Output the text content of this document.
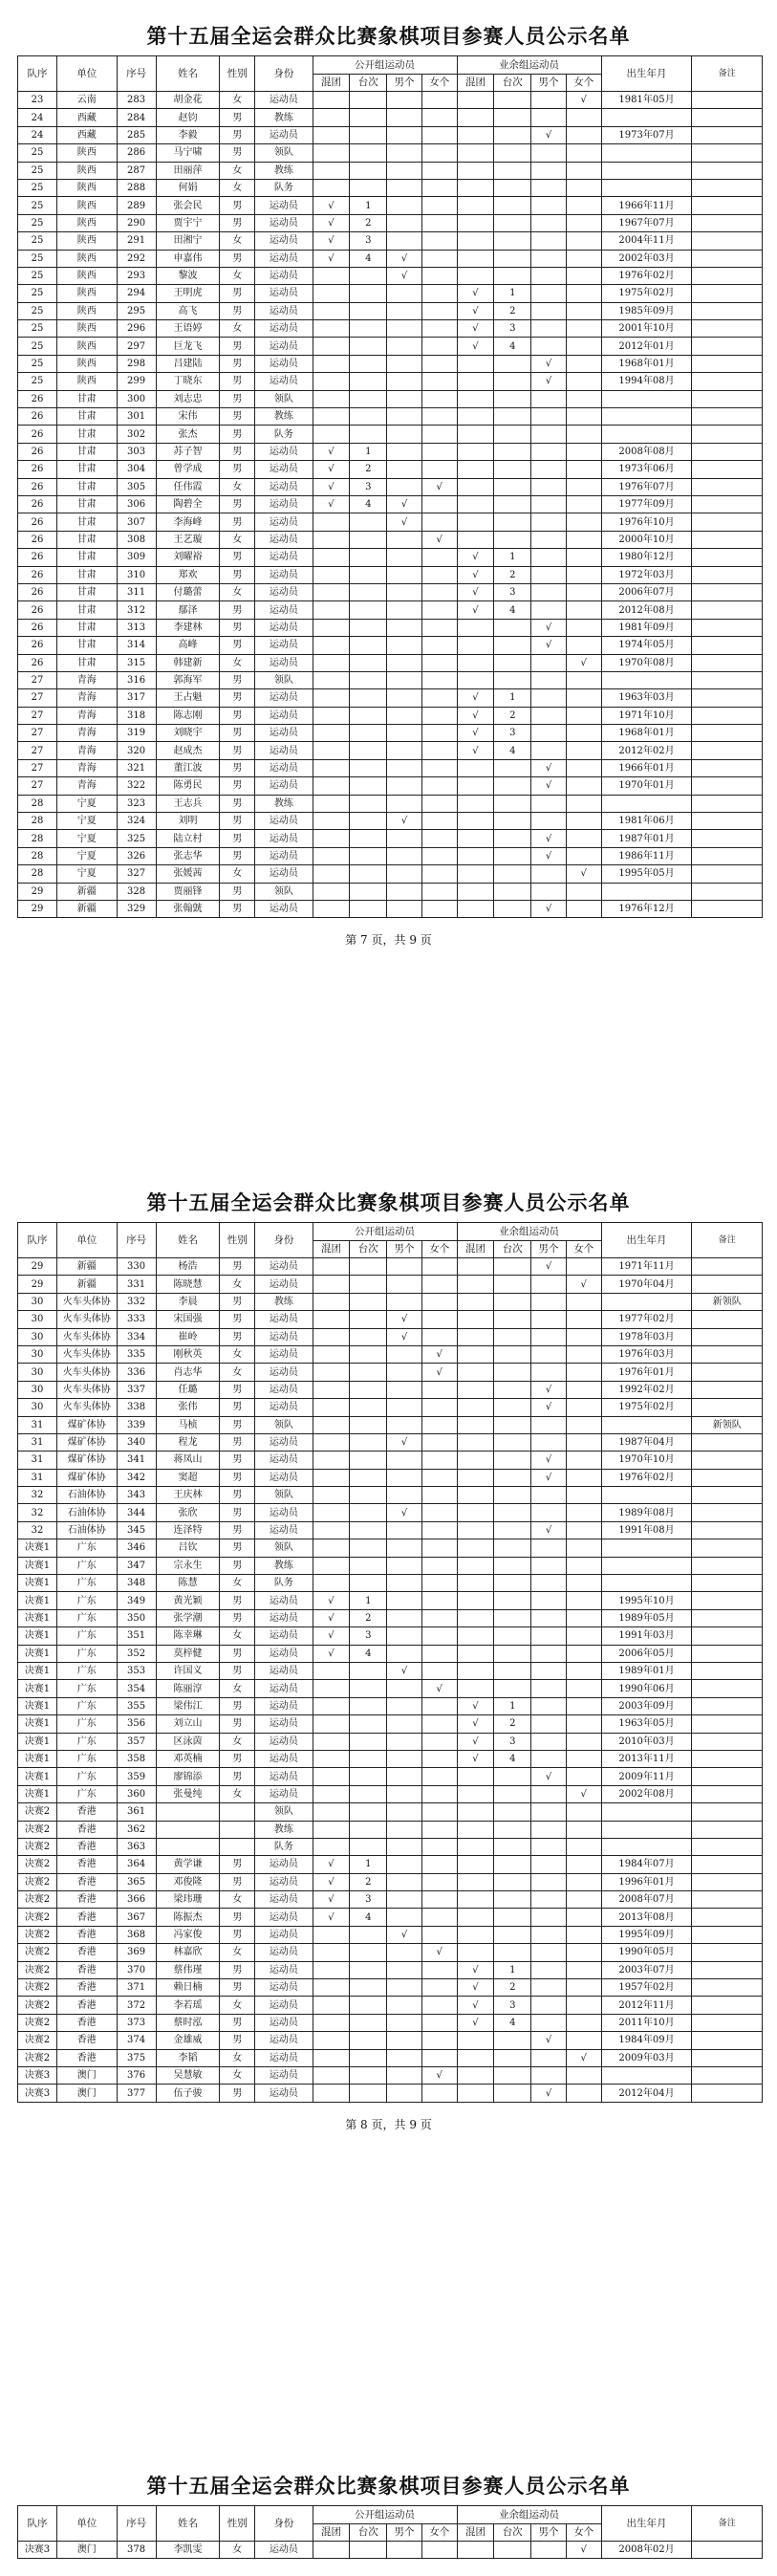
第十五届全运会群众比赛象棋项目参赛人员公示名单
队序	单位	序号	姓名	性别	身份	公开组运动员				业余组运动员				出生年月	备注
						混团	台次	男个	女个	混团	台次	男个	女个		
23	云南	283	胡金花	女	运动员								√	1981年05月	
24	西藏	284	赵钧	男	教练										
24	西藏	285	李毅	男	运动员							√		1973年07月	
25	陕西	286	马宁啸	男	领队										
25	陕西	287	田丽萍	女	教练										
25	陕西	288	何娟	女	队务										
25	陕西	289	张会民	男	运动员	√	1							1966年11月	
25	陕西	290	贾宇宁	男	运动员	√	2							1967年07月	
25	陕西	291	田湘宁	女	运动员	√	3							2004年11月	
25	陕西	292	申嘉伟	男	运动员	√	4	√						2002年03月	
25	陕西	293	黎波	女	运动员			√						1976年02月	
25	陕西	294	王明虎	男	运动员					√	1			1975年02月	
25	陕西	295	高飞	男	运动员					√	2			1985年09月	
25	陕西	296	王语婷	女	运动员					√	3			2001年10月	
25	陕西	297	巨龙飞	男	运动员					√	4			2012年01月	
25	陕西	298	吕建陆	男	运动员							√		1968年01月	
25	陕西	299	丁晓东	男	运动员							√		1994年08月	
26	甘肃	300	刘志忠	男	领队										
26	甘肃	301	宋伟	男	教练										
26	甘肃	302	张杰	男	队务										
26	甘肃	303	苏子智	男	运动员	√	1							2008年08月	
26	甘肃	304	曾学成	男	运动员	√	2							1973年06月	
26	甘肃	305	任伟霞	女	运动员	√	3		√					1976年07月	
26	甘肃	306	陶碧全	男	运动员	√	4	√						1977年09月	
26	甘肃	307	李海峰	男	运动员			√						1976年10月	
26	甘肃	308	王艺璇	女	运动员				√					2000年10月	
26	甘肃	309	刘曜裕	男	运动员					√	1			1980年12月	
26	甘肃	310	郑欢	男	运动员					√	2			1972年03月	
26	甘肃	311	付璐蕾	女	运动员					√	3			2006年07月	
26	甘肃	312	鄢泽	男	运动员					√	4			2012年08月	
26	甘肃	313	李建林	男	运动员							√		1981年09月	
26	甘肃	314	高峰	男	运动员							√		1974年05月	
26	甘肃	315	韩建新	女	运动员								√	1970年08月	
27	青海	316	郭海军	男	领队										
27	青海	317	王占魁	男	运动员					√	1			1963年03月	
27	青海	318	陈志刚	男	运动员					√	2			1971年10月	
27	青海	319	刘晓宇	男	运动员					√	3			1968年01月	
27	青海	320	赵成杰	男	运动员					√	4			2012年02月	
27	青海	321	董江波	男	运动员							√		1966年01月	
27	青海	322	陈勇民	男	运动员							√		1970年01月	
28	宁夏	323	王志兵	男	教练										
28	宁夏	324	刘明	男	运动员			√						1981年06月	
28	宁夏	325	陆立村	男	运动员							√		1987年01月	
28	宁夏	326	张志华	男	运动员							√		1986年11月	
28	宁夏	327	张媛茜	女	运动员								√	1995年05月	
29	新疆	328	贾丽锋	男	领队										
29	新疆	329	张翰皝	男	运动员							√		1976年12月	
第 7 页，共 9 页
第十五届全运会群众比赛象棋项目参赛人员公示名单
队序	单位	序号	姓名	性别	身份	公开组运动员				业余组运动员				出生年月	备注
						混团	台次	男个	女个	混团	台次	男个	女个		
29	新疆	330	杨浩	男	运动员							√		1971年11月	
29	新疆	331	陈晓慧	女	运动员								√	1970年04月	
30	火车头体协	332	李晨	男	教练										新领队
30	火车头体协	333	宋国强	男	运动员			√						1977年02月	
30	火车头体协	334	崔岭	男	运动员			√						1978年03月	
30	火车头体协	335	刚秋英	女	运动员				√					1976年03月	
30	火车头体协	336	肖志华	女	运动员				√					1976年01月	
30	火车头体协	337	任璐	男	运动员							√		1992年02月	
30	火车头体协	338	张伟	男	运动员							√		1975年02月	
31	煤矿体协	339	马桢	男	领队										新领队
31	煤矿体协	340	程龙	男	运动员			√						1987年04月	
31	煤矿体协	341	蒋凤山	男	运动员							√		1970年10月	
31	煤矿体协	342	窦超	男	运动员							√		1976年02月	
32	石油体协	343	王庆林	男	领队										
32	石油体协	344	张欣	男	运动员			√						1989年08月	
32	石油体协	345	连泽特	男	运动员							√		1991年08月	
决赛1	广东	346	吕钦	男	领队										
决赛1	广东	347	宗永生	男	教练										
决赛1	广东	348	陈慧	女	队务										
决赛1	广东	349	黄光颖	男	运动员	√	1							1995年10月	
决赛1	广东	350	张学潮	男	运动员	√	2							1989年05月	
决赛1	广东	351	陈幸琳	女	运动员	√	3							1991年03月	
决赛1	广东	352	莫梓健	男	运动员	√	4							2006年05月	
决赛1	广东	353	许国义	男	运动员			√						1989年01月	
决赛1	广东	354	陈丽淳	女	运动员				√					1990年06月	
决赛1	广东	355	梁伟江	男	运动员					√	1			2003年09月	
决赛1	广东	356	刘立山	男	运动员					√	2			1963年05月	
决赛1	广东	357	区泳茵	女	运动员					√	3			2010年03月	
决赛1	广东	358	邓英楠	男	运动员					√	4			2013年11月	
决赛1	广东	359	廖锦添	男	运动员							√		2009年11月	
决赛1	广东	360	张曼纯	女	运动员								√	2002年08月	
决赛2	香港	361			领队										
决赛2	香港	362			教练										
决赛2	香港	363			队务										
决赛2	香港	364	黄学谦	男	运动员	√	1							1984年07月	
决赛2	香港	365	邓俊隆	男	运动员	√	2							1996年01月	
决赛2	香港	366	梁玮珊	女	运动员	√	3							2008年07月	
决赛2	香港	367	陈振杰	男	运动员	√	4							2013年08月	
决赛2	香港	368	冯家俊	男	运动员			√						1995年09月	
决赛2	香港	369	林嘉欣	女	运动员				√					1990年05月	
决赛2	香港	370	蔡伟瑾	男	运动员					√	1			2003年07月	
决赛2	香港	371	赖日楠	男	运动员					√	2			1957年02月	
决赛2	香港	372	李若瑶	女	运动员					√	3			2012年11月	
决赛2	香港	373	蔡时泓	男	运动员					√	4			2011年10月	
决赛2	香港	374	金雄威	男	运动员							√		1984年09月	
决赛2	香港	375	李韬	女	运动员								√	2009年03月	
决赛3	澳门	376	吴慧敏	女	运动员				√						
决赛3	澳门	377	伍子骏	男	运动员							√		2012年04月	
第 8 页，共 9 页
第十五届全运会群众比赛象棋项目参赛人员公示名单
队序	单位	序号	姓名	性别	身份	公开组运动员				业余组运动员				出生年月	备注
						混团	台次	男个	女个	混团	台次	男个	女个		
决赛3	澳门	378	李凯雯	女	运动员								√	2008年02月	
